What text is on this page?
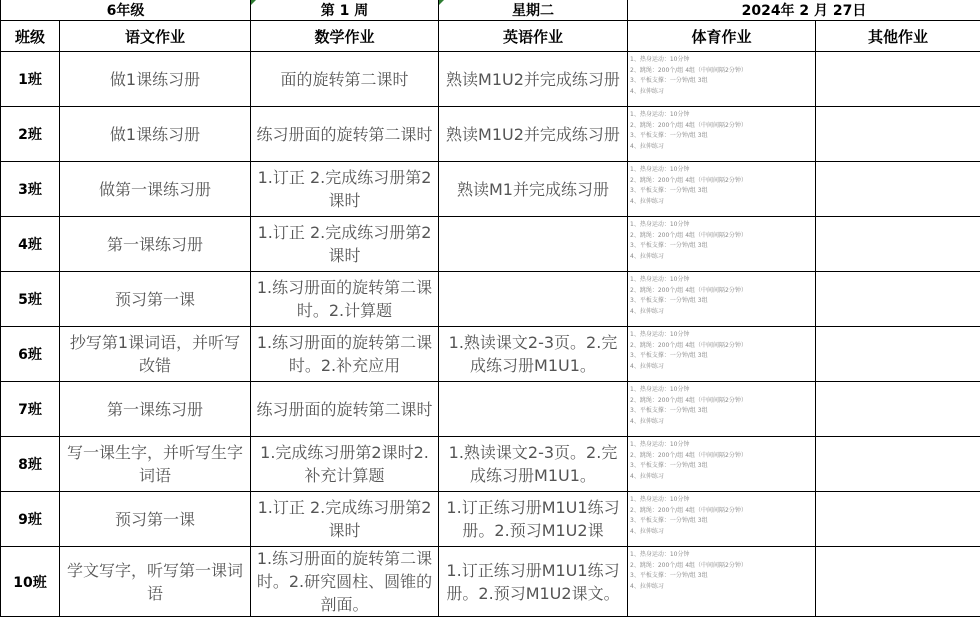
6年级		第 1 周	星期二	2024年 2 月 27日	
班级	语文作业	数学作业	英语作业	体育作业	其他作业
1班	做1课练习册	面的旋转第二课时	熟读M1U2并完成练习册	1、热身运动：10分钟
2、跳绳：200个/组 4组（中间间隔2分钟）
3、平板支撑：一分钟/组 3组
4、拉伸练习	

2班	做1课练习册	练习册面的旋转第二课时	熟读M1U2并完成练习册	1、热身运动：10分钟
2、跳绳：200个/组 4组（中间间隔2分钟）
3、平板支撑：一分钟/组 3组
4、拉伸练习	

3班	做第一课练习册	1.订正 2.完成练习册第2课时	熟读M1并完成练习册	1、热身运动：10分钟
2、跳绳：200个/组 4组（中间间隔2分钟）
3、平板支撑：一分钟/组 3组
4、拉伸练习	

4班	第一课练习册	1.订正 2.完成练习册第2课时		1、热身运动：10分钟
2、跳绳：200个/组 4组（中间间隔2分钟）
3、平板支撑：一分钟/组 3组
4、拉伸练习	

5班	预习第一课	1.练习册面的旋转第二课时。2.计算题		1、热身运动：10分钟
2、跳绳：200个/组 4组（中间间隔2分钟）
3、平板支撑：一分钟/组 3组
4、拉伸练习	

6班	抄写第1课词语，并听写改错	1.练习册面的旋转第二课时。2.补充应用	1.熟读课文2-3页。2.完成练习册M1U1。	1、热身运动：10分钟
2、跳绳：200个/组 4组（中间间隔2分钟）
3、平板支撑：一分钟/组 3组
4、拉伸练习	

7班	第一课练习册	练习册面的旋转第二课时		1、热身运动：10分钟
2、跳绳：200个/组 4组（中间间隔2分钟）
3、平板支撑：一分钟/组 3组
4、拉伸练习	

8班	写一课生字，并听写生字词语	1.完成练习册第2课时2.补充计算题	1.熟读课文2-3页。2.完成练习册M1U1。	1、热身运动：10分钟
2、跳绳：200个/组 4组（中间间隔2分钟）
3、平板支撑：一分钟/组 3组
4、拉伸练习	

9班	预习第一课	1.订正 2.完成练习册第2课时	1.订正练习册M1U1练习册。2.预习M1U2课	1、热身运动：10分钟
2、跳绳：200个/组 4组（中间间隔2分钟）
3、平板支撑：一分钟/组 3组
4、拉伸练习	

10班	学文写字，听写第一课词语	1.练习册面的旋转第二课时。2.研究圆柱、圆锥的剖面。	1.订正练习册M1U1练习册。2.预习M1U2课文。	1、热身运动：10分钟
2、跳绳：200个/组 4组（中间间隔2分钟）
3、平板支撑：一分钟/组 3组
4、拉伸练习	
